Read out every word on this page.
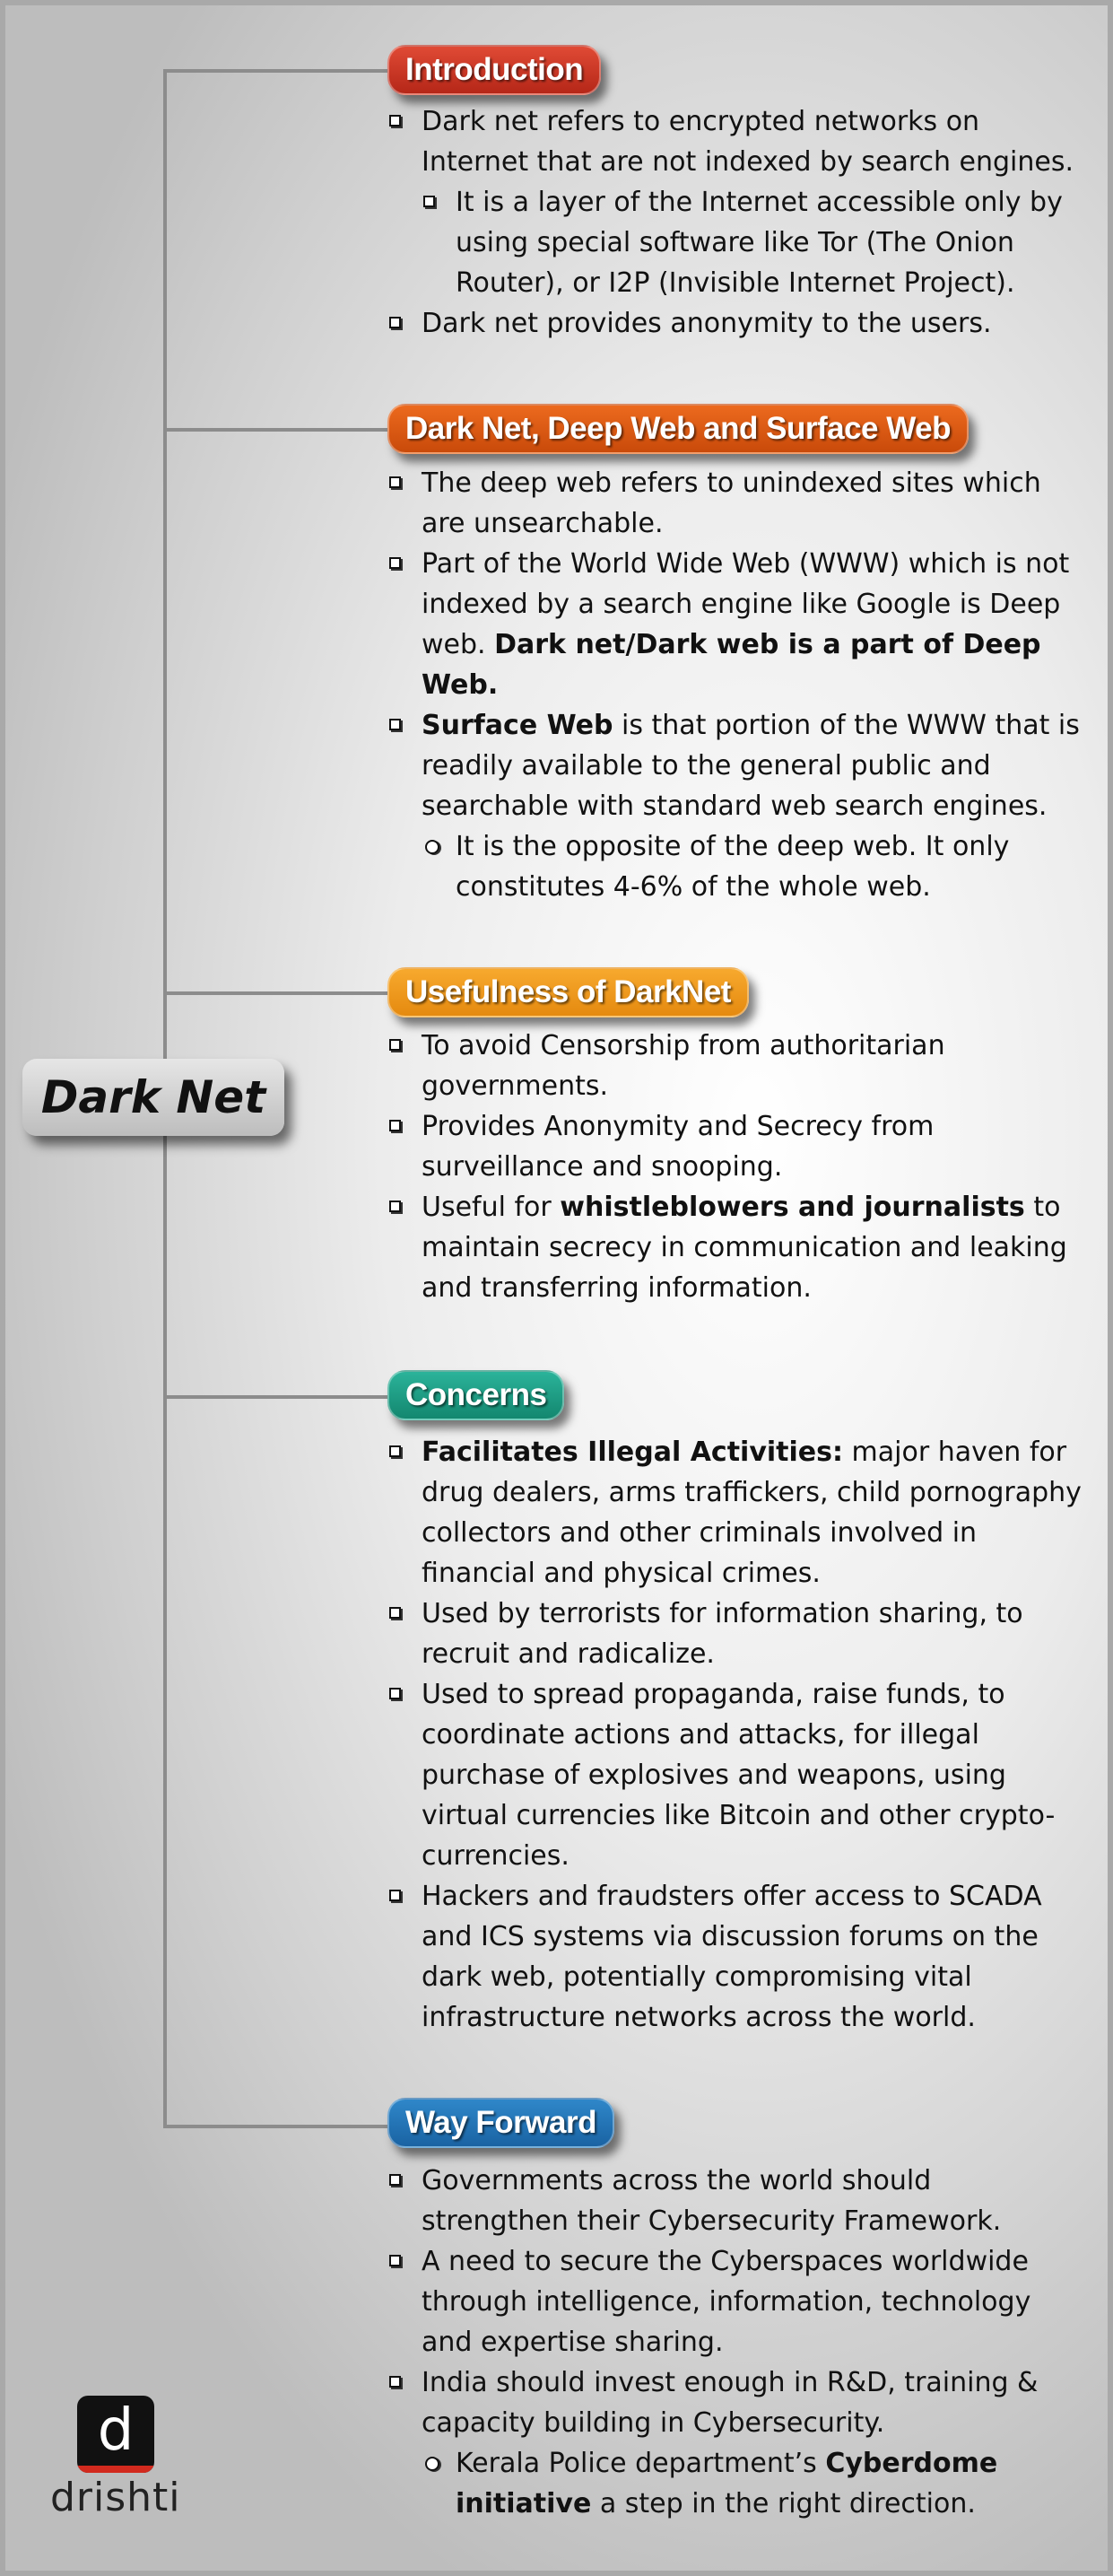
Dark Net
Introduction
Dark net refers to encrypted networks on Internet that are not indexed by search engines.
It is a layer of the Internet accessible only by using special software like Tor (The Onion Router), or I2P (Invisible Internet Project).
Dark net provides anonymity to the users.
Dark Net, Deep Web and Surface Web
The deep web refers to unindexed sites which are unsearchable.
Part of the World Wide Web (WWW) which is not indexed by a search engine like Google is Deep web. Dark net/Dark web is a part of Deep Web.
Surface Web is that portion of the WWW that is readily available to the general public and searchable with standard web search engines.
It is the opposite of the deep web. It only constitutes 4-6% of the whole web.
Usefulness of DarkNet
To avoid Censorship from authoritarian governments.
Provides Anonymity and Secrecy from surveillance and snooping.
Useful for whistleblowers and journalists to maintain secrecy in communication and leaking and transferring information.
Concerns
Facilitates Illegal Activities: major haven for drug dealers, arms traffickers, child pornography collectors and other criminals involved in financial and physical crimes.
Used by terrorists for information sharing, to recruit and radicalize.
Used to spread propaganda, raise funds, to coordinate actions and attacks, for illegal purchase of explosives and weapons, using virtual currencies like Bitcoin and other crypto-currencies.
Hackers and fraudsters offer access to SCADA and ICS systems via discussion forums on the dark web, potentially compromising vital infrastructure networks across the world.
Way Forward
Governments across the world should strengthen their Cybersecurity Framework.
A need to secure the Cyberspaces worldwide through intelligence, information, technology and expertise sharing.
India should invest enough in R&D, training & capacity building in Cybersecurity.
Kerala Police department’s Cyberdome initiative a step in the right direction.
d
drishti
